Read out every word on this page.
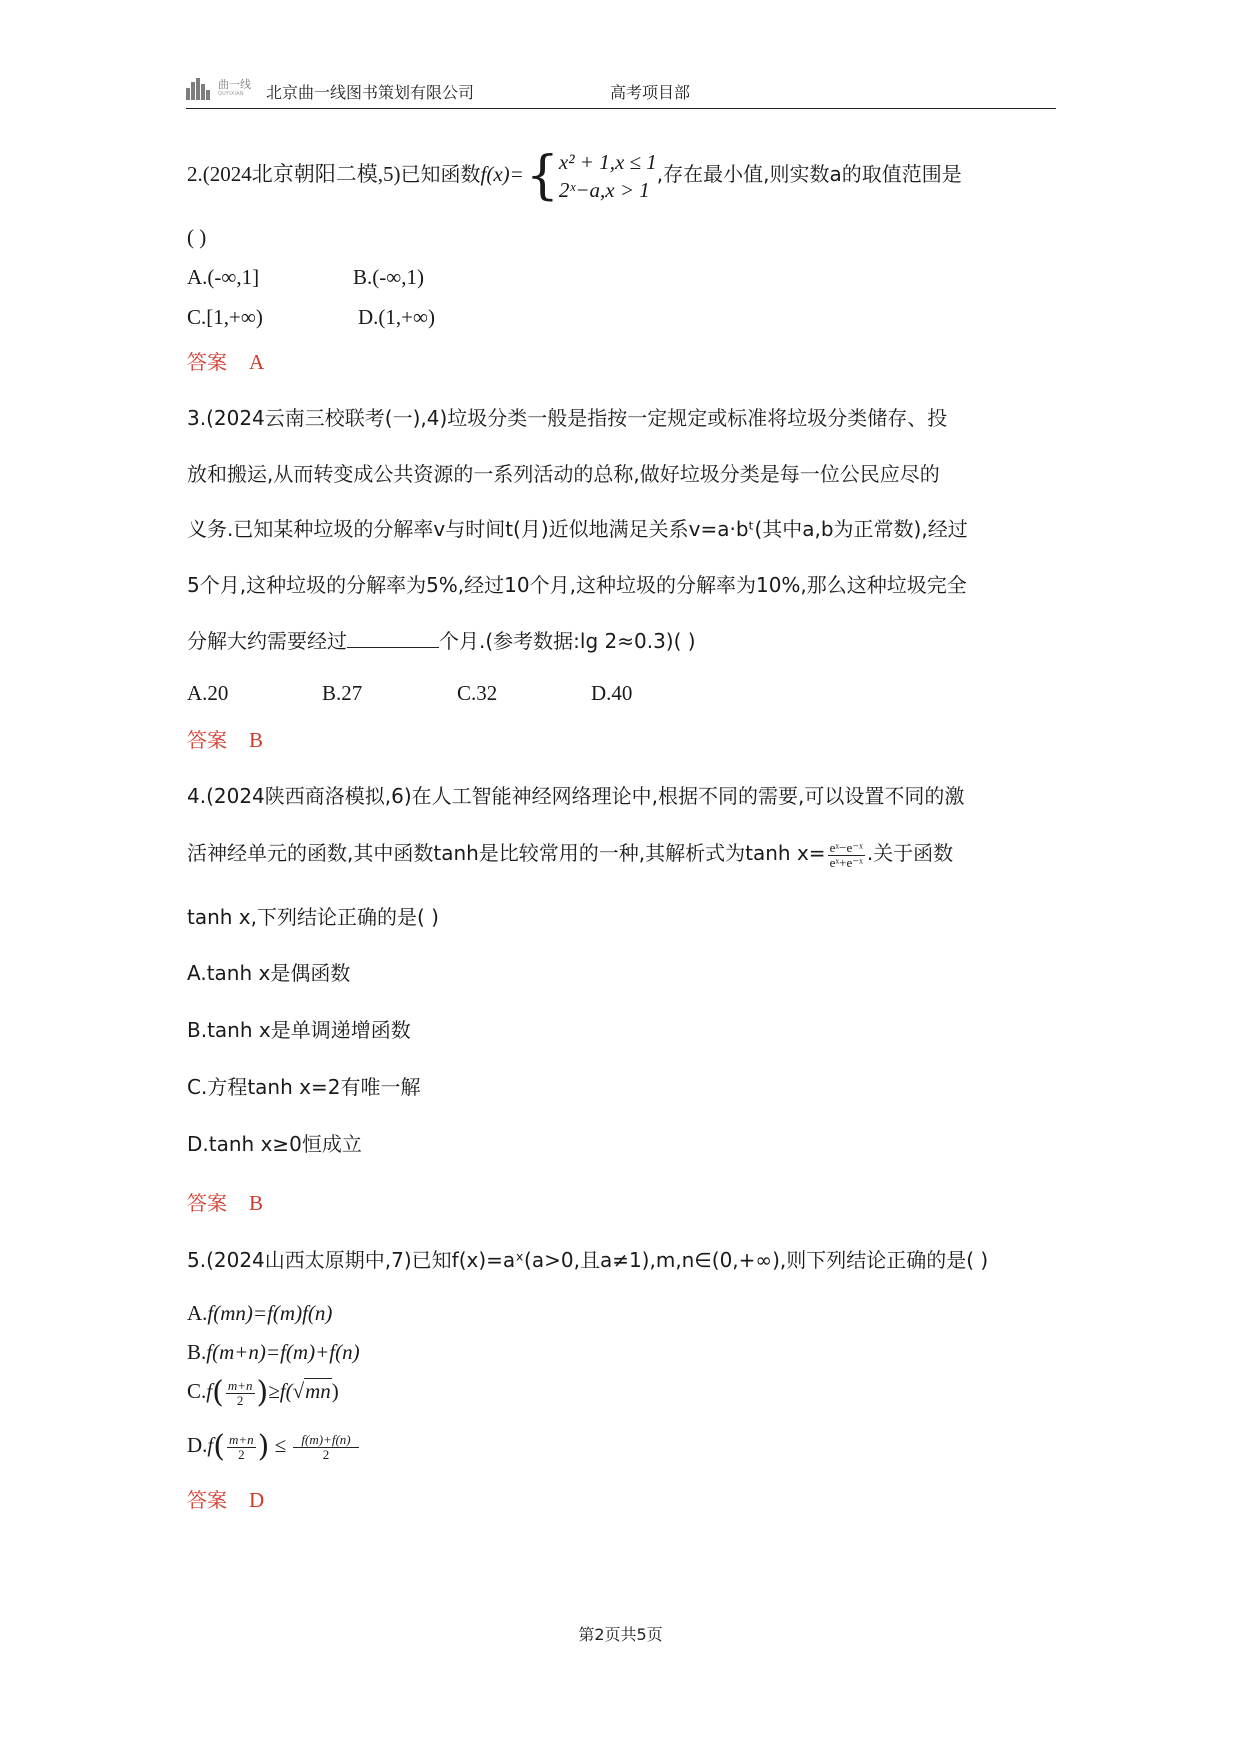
曲一线
QUYIXIAN 北京曲一线图书策划有限公司	高考项目部
2.(2024北京朝阳二模,5)已知函数f(x)={ x² + 1,x ≤ 1
2ˣ−a,x > 1
,存在最小值,则实数a的取值范围是
( )
A.(-∞,1]	B.(-∞,1)
C.[1,+∞)	D.(1,+∞)
答案 A
3.(2024云南三校联考(一),4)垃圾分类一般是指按一定规定或标准将垃圾分类储存、投
放和搬运,从而转变成公共资源的一系列活动的总称,做好垃圾分类是每一位公民应尽的
义务.已知某种垃圾的分解率v与时间t(月)近似地满足关系v=a·bᵗ(其中a,b为正常数),经过
5个月,这种垃圾的分解率为5%,经过10个月,这种垃圾的分解率为10%,那么这种垃圾完全
分解大约需要经过	个月.(参考数据:lg 2≈0.3)( )
A.20	B.27	C.32	D.40
答案 B
4.(2024陕西商洛模拟,6)在人工智能神经网络理论中,根据不同的需要,可以设置不同的激
活神经单元的函数,其中函数tanh是比较常用的一种,其解析式为$\tanh x= \frac{\text{eˣ−e⁻ˣ}}{\text{eˣ+e⁻ˣ}}$ .关于函数
tanh x,下列结论正确的是( )
A.tanh x是偶函数
B.tanh x是单调递增函数
C.方程tanh x=2有唯一解
D.tanh x≥0恒成立
答案 B
5.(2024山西太原期中,7)已知f(x)=aˣ(a>0,且a≠1),m,n∈(0,+∞),则下列结论正确的是( )
A.f(mn)=f(m)f(n)
B.f(m+n)=f(m)+f(n)
$C.f( \frac{m+n}{2} )\ge f(√mn)$
$D.f( \frac{m+n}{2}$ ) ≤ $\frac{f(m)+f(n)}{2}$
答案 D
第2页共5页
